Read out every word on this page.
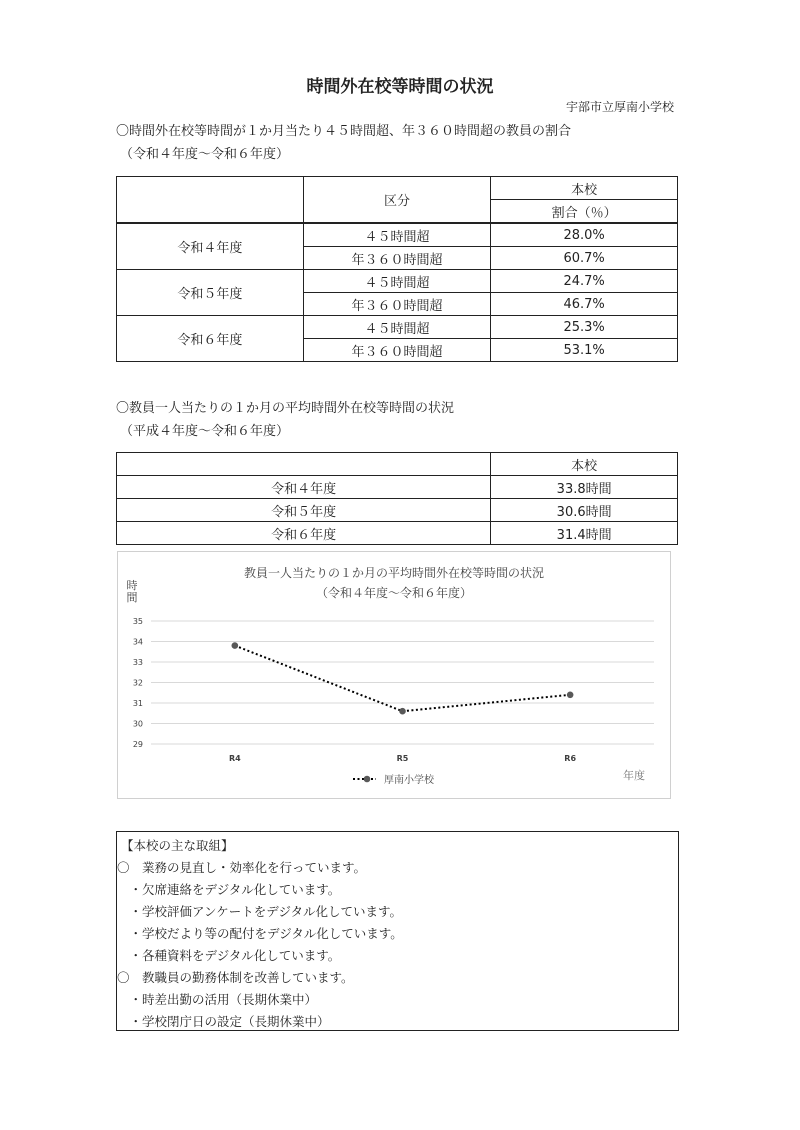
時間外在校等時間の状況
宇部市立厚南小学校
〇時間外在校等時間が１か月当たり４５時間超、年３６０時間超の教員の割合
（令和４年度～令和６年度）
	区分	本校
		割合（％）
令和４年度	４５時間超	28.0%
	年３６０時間超	60.7%
令和５年度	４５時間超	24.7%
	年３６０時間超	46.7%
令和６年度	４５時間超	25.3%
	年３６０時間超	53.1%
〇教員一人当たりの１か月の平均時間外在校等時間の状況
（平成４年度～令和６年度）
	本校
令和４年度	33.8時間
令和５年度	30.6時間
令和６年度	31.4時間
教員一人当たりの１か月の平均時間外在校等時間の状況
（令和４年度～令和６年度）
時
間
29
30
31
32
33
34
35
R4	R5	R6
年度
厚南小学校
【本校の主な取組】
〇　業務の見直し・効率化を行っています。
　・欠席連絡をデジタル化しています。
　・学校評価アンケートをデジタル化しています。
　・学校だより等の配付をデジタル化しています。
　・各種資料をデジタル化しています。
〇　教職員の勤務体制を改善しています。
　・時差出勤の活用（長期休業中）
　・学校閉庁日の設定（長期休業中）
